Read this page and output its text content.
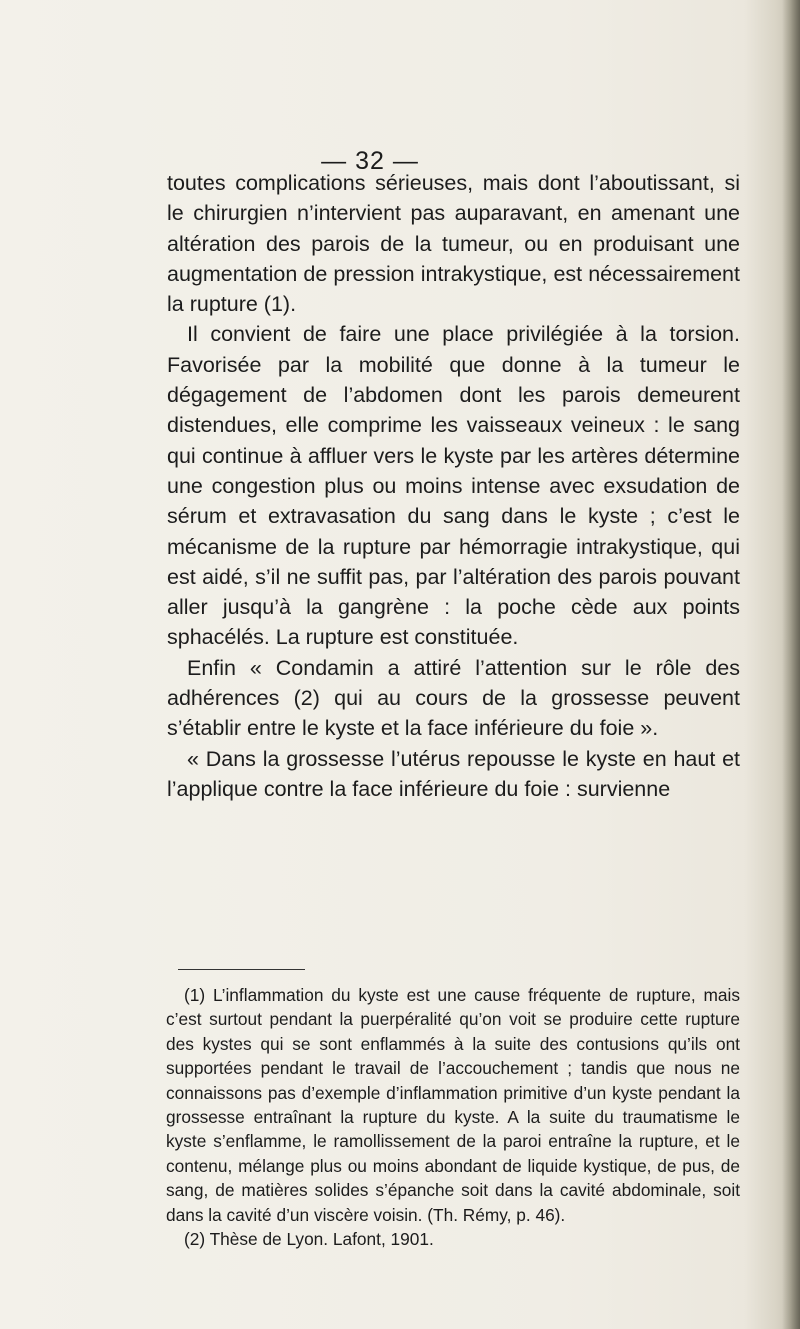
— 32 —

toutes complications sérieuses, mais dont l’aboutissant, si le chirurgien n’intervient pas auparavant, en amenant une altération des parois de la tumeur, ou en produisant une augmentation de pression intrakystique, est nécessairement la rupture (1).

Il convient de faire une place privilégiée à la torsion. Favorisée par la mobilité que donne à la tumeur le dégagement de l’abdomen dont les parois demeurent distendues, elle comprime les vaisseaux veineux : le sang qui continue à affluer vers le kyste par les artères détermine une congestion plus ou moins intense avec exsudation de sérum et extravasation du sang dans le kyste ; c’est le mécanisme de la rupture par hémorragie intrakystique, qui est aidé, s’il ne suffit pas, par l’altération des parois pouvant aller jusqu’à la gangrène : la poche cède aux points sphacélés. La rupture est constituée.

Enfin « Condamin a attiré l’attention sur le rôle des adhérences (2) qui au cours de la grossesse peuvent s’établir entre le kyste et la face inférieure du foie ».

« Dans la grossesse l’utérus repousse le kyste en haut et l’applique contre la face inférieure du foie : survienne

(1) L’inflammation du kyste est une cause fréquente de rupture, mais c’est surtout pendant la puerpéralité qu’on voit se produire cette rupture des kystes qui se sont enflammés à la suite des contusions qu’ils ont supportées pendant le travail de l’accouchement ; tandis que nous ne connaissons pas d’exemple d’inflammation primitive d’un kyste pendant la grossesse entraînant la rupture du kyste. A la suite du traumatisme le kyste s’enflamme, le ramollissement de la paroi entraîne la rupture, et le contenu, mélange plus ou moins abondant de liquide kystique, de pus, de sang, de matières solides s’épanche soit dans la cavité abdominale, soit dans la cavité d’un viscère voisin. (Th. Rémy, p. 46).

(2) Thèse de Lyon. Lafont, 1901.
